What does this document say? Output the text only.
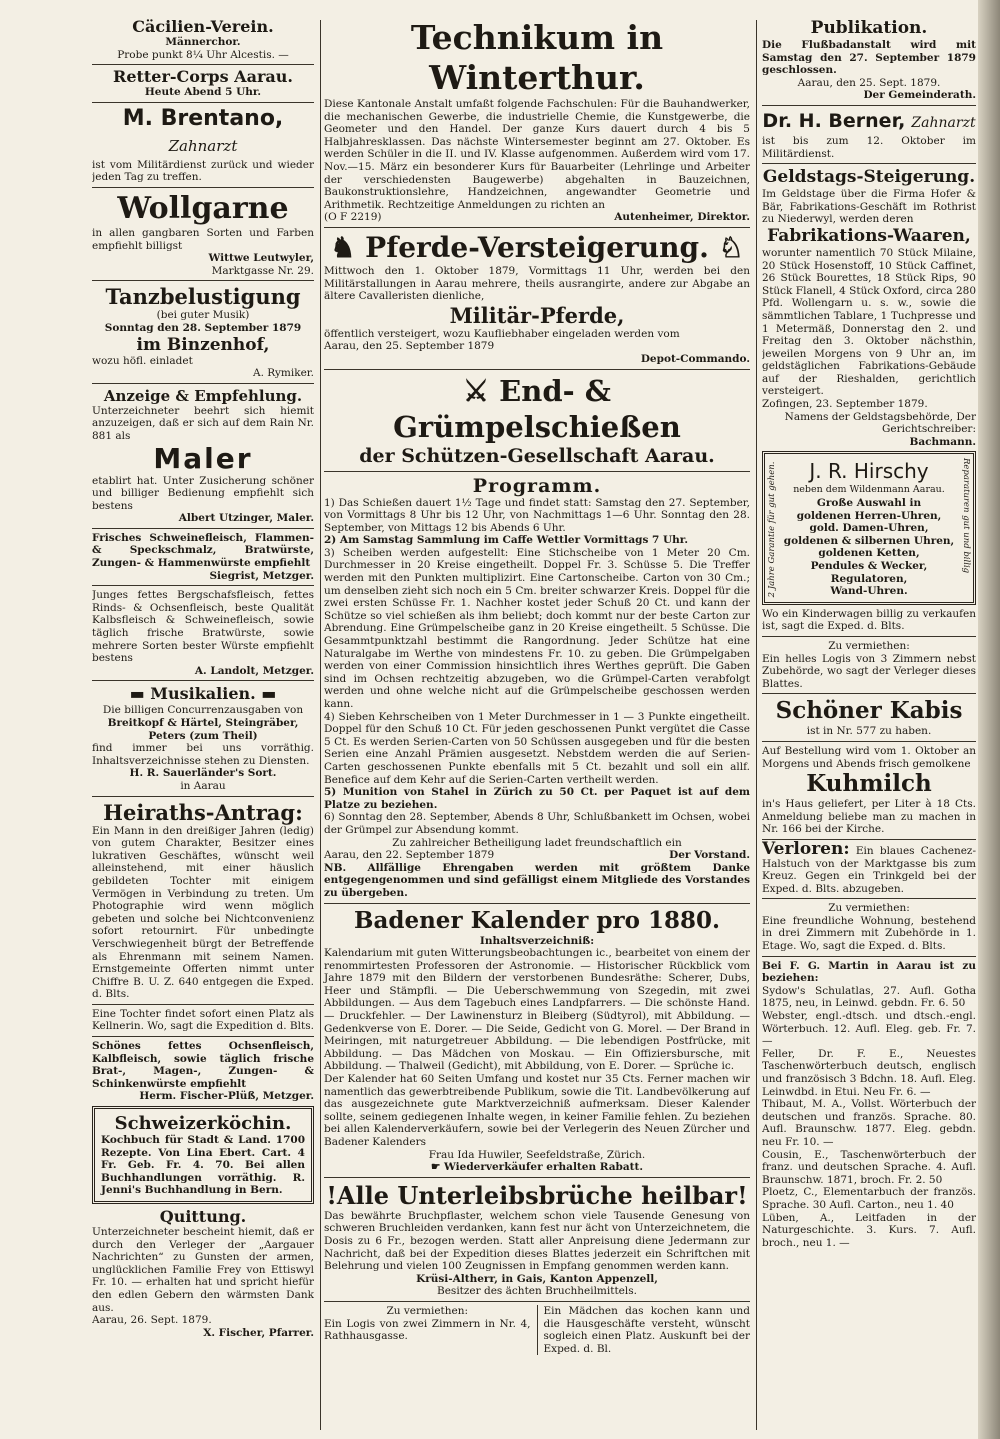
Cäcilien-Verein.

Männerchor.

Probe punkt 8¼ Uhr Alcestis. —

Retter-Corps Aarau.

Heute Abend 5 Uhr.

M. Brentano, Zahnarzt

ist vom Militärdienst zurück und wieder jeden Tag zu treffen.

Wollgarne

in allen gangbaren Sorten und Farben empfiehlt billigst

Wittwe Leutwyler,

Marktgasse Nr. 29.

Tanzbelustigung

(bei guter Musik)

Sonntag den 28. September 1879

im Binzenhof,

wozu höfl. einladet

A. Rymiker.

Anzeige & Empfehlung.

Unterzeichneter beehrt sich hiemit anzuzeigen, daß er sich auf dem Rain Nr. 881 als

Maler

etablirt hat. Unter Zusicherung schöner und billiger Bedienung empfiehlt sich bestens

Albert Utzinger, Maler.

Frisches Schweinefleisch, Flammen- & Speckschmalz, Bratwürste, Zungen- & Hammenwürste empfiehlt

Siegrist, Metzger.

Junges fettes Bergschafsfleisch, fettes Rinds- & Ochsenfleisch, beste Qualität Kalbsfleisch & Schweinefleisch, sowie täglich frische Bratwürste, sowie mehrere Sorten bester Würste empfiehlt bestens

A. Landolt, Metzger.

▬ Musikalien. ▬

Die billigen Concurrenzausgaben von

Breitkopf & Härtel, Steingräber, Peters (zum Theil)

find immer bei uns vorräthig. Inhaltsverzeichnisse stehen zu Diensten.

H. R. Sauerländer's Sort.

in Aarau

Heiraths-Antrag:

Ein Mann in den dreißiger Jahren (ledig) von gutem Charakter, Besitzer eines lukrativen Geschäftes, wünscht weil alleinstehend, mit einer häuslich gebildeten Tochter mit einigem Vermögen in Verbindung zu treten. Um Photographie wird wenn möglich gebeten und solche bei Nichtconvenienz sofort retournirt. Für unbedingte Verschwiegenheit bürgt der Betreffende als Ehrenmann mit seinem Namen. Ernstgemeinte Offerten nimmt unter Chiffre B. U. Z. 640 entgegen die Exped. d. Blts.

Eine Tochter findet sofort einen Platz als Kellnerin. Wo, sagt die Expedition d. Blts.

Schönes fettes Ochsenfleisch, Kalbfleisch, sowie täglich frische Brat-, Magen-, Zungen- & Schinkenwürste empfiehlt

Herm. Fischer-Plüß, Metzger.

Schweizerköchin.

Kochbuch für Stadt & Land. 1700 Rezepte. Von Lina Ebert. Cart. 4 Fr. Geb. Fr. 4. 70. Bei allen Buchhandlungen vorräthig. R. Jenni's Buchhandlung in Bern.

Quittung.

Unterzeichneter bescheint hiemit, daß er durch den Verleger der „Aargauer Nachrichten“ zu Gunsten der armen, unglücklichen Familie Frey von Ettiswyl Fr. 10. — erhalten hat und spricht hiefür den edlen Gebern den wärmsten Dank aus.

Aarau, 26. Sept. 1879.

X. Fischer, Pfarrer.

Technikum in Winterthur.

Diese Kantonale Anstalt umfaßt folgende Fachschulen: Für die Bauhandwerker, die mechanischen Gewerbe, die industrielle Chemie, die Kunstgewerbe, die Geometer und den Handel. Der ganze Kurs dauert durch 4 bis 5 Halbjahresklassen. Das nächste Wintersemester beginnt am 27. Oktober. Es werden Schüler in die II. und IV. Klasse aufgenommen. Außerdem wird vom 17. Nov.—15. März ein besonderer Kurs für Bauarbeiter (Lehrlinge und Arbeiter der verschiedensten Baugewerbe) abgehalten in Bauzeichnen, Baukonstruktionslehre, Handzeichnen, angewandter Geometrie und Arithmetik. Rechtzeitige Anmeldungen zu richten an

(O F 2219)	Autenheimer, Direktor.

♞ Pferde-Versteigerung. ♘

Mittwoch den 1. Oktober 1879, Vormittags 11 Uhr, werden bei den Militärstallungen in Aarau mehrere, theils ausrangirte, andere zur Abgabe an ältere Cavalleristen dienliche,

Militär-Pferde,

öffentlich versteigert, wozu Kaufliebhaber eingeladen werden vom

Aarau, den 25. September 1879

Depot-Commando.

⚔ End- & Grümpelschießen

der Schützen-Gesellschaft Aarau.

Programm.

1) Das Schießen dauert 1½ Tage und findet statt: Samstag den 27. September, von Vormittags 8 Uhr bis 12 Uhr, von Nachmittags 1—6 Uhr. Sonntag den 28. September, von Mittags 12 bis Abends 6 Uhr.

2) Am Samstag Sammlung im Caffe Wettler Vormittags 7 Uhr.

3) Scheiben werden aufgestellt: Eine Stichscheibe von 1 Meter 20 Cm. Durchmesser in 20 Kreise eingetheilt. Doppel Fr. 3. Schüsse 5. Die Treffer werden mit den Punkten multiplizirt. Eine Cartonscheibe. Carton von 30 Cm.; um denselben zieht sich noch ein 5 Cm. breiter schwarzer Kreis. Doppel für die zwei ersten Schüsse Fr. 1. Nachher kostet jeder Schuß 20 Ct. und kann der Schütze so viel schießen als ihm beliebt; doch kommt nur der beste Carton zur Abrendung. Eine Grümpelscheibe ganz in 20 Kreise eingetheilt. 5 Schüsse. Die Gesammtpunktzahl bestimmt die Rangordnung. Jeder Schütze hat eine Naturalgabe im Werthe von mindestens Fr. 10. zu geben. Die Grümpelgaben werden von einer Commission hinsichtlich ihres Werthes geprüft. Die Gaben sind im Ochsen rechtzeitig abzugeben, wo die Grümpel-Carten verabfolgt werden und ohne welche nicht auf die Grümpelscheibe geschossen werden kann.

4) Sieben Kehrscheiben von 1 Meter Durchmesser in 1 — 3 Punkte eingetheilt. Doppel für den Schuß 10 Ct. Für jeden geschossenen Punkt vergütet die Casse 5 Ct. Es werden Serien-Carten von 50 Schüssen ausgegeben und für die besten Serien eine Anzahl Prämien ausgesetzt. Nebstdem werden die auf Serien-Carten geschossenen Punkte ebenfalls mit 5 Ct. bezahlt und soll ein allf. Benefice auf dem Kehr auf die Serien-Carten vertheilt werden.

5) Munition von Stahel in Zürich zu 50 Ct. per Paquet ist auf dem Platze zu beziehen.

6) Sonntag den 28. September, Abends 8 Uhr, Schlußbankett im Ochsen, wobei der Grümpel zur Absendung kommt.

Zu zahlreicher Betheiligung ladet freundschaftlich ein

Aarau, den 22. September 1879	Der Vorstand.

NB. Allfällige Ehrengaben werden mit größtem Danke entgegengenommen und sind gefälligst einem Mitgliede des Vorstandes zu übergeben.

Badener Kalender pro 1880.

Inhaltsverzeichniß:

Kalendarium mit guten Witterungsbeobachtungen ic., bearbeitet von einem der renommirtesten Professoren der Astronomie. — Historischer Rückblick vom Jahre 1879 mit den Bildern der verstorbenen Bundesräthe: Scherer, Dubs, Heer und Stämpfli. — Die Ueberschwemmung von Szegedin, mit zwei Abbildungen. — Aus dem Tagebuch eines Landpfarrers. — Die schönste Hand. — Druckfehler. — Der Lawinensturz in Bleiberg (Südtyrol), mit Abbildung. — Gedenkverse von E. Dorer. — Die Seide, Gedicht von G. Morel. — Der Brand in Meiringen, mit naturgetreuer Abbildung. — Die lebendigen Postfrücke, mit Abbildung. — Das Mädchen von Moskau. — Ein Offiziersbursche, mit Abbildung. — Thalweil (Gedicht), mit Abbildung, von E. Dorer. — Sprüche ic.

Der Kalender hat 60 Seiten Umfang und kostet nur 35 Cts. Ferner machen wir namentlich das gewerbtreibende Publikum, sowie die Tit. Landbevölkerung auf das ausgezeichnete gute Marktverzeichniß aufmerksam. Dieser Kalender sollte, seinem gediegenen Inhalte wegen, in keiner Familie fehlen. Zu beziehen bei allen Kalenderverkäufern, sowie bei der Verlegerin des Neuen Zürcher und Badener Kalenders

Frau Ida Huwiler, Seefeldstraße, Zürich.

☛ Wiederverkäufer erhalten Rabatt.

!Alle Unterleibsbrüche heilbar!

Das bewährte Bruchpflaster, welchem schon viele Tausende Genesung von schweren Bruchleiden verdanken, kann fest nur ächt von Unterzeichnetem, die Dosis zu 6 Fr., bezogen werden. Statt aller Anpreisung diene Jedermann zur Nachricht, daß bei der Expedition dieses Blattes jederzeit ein Schriftchen mit Belehrung und vielen 100 Zeugnissen in Empfang genommen werden kann.

Krüsi-Altherr, in Gais, Kanton Appenzell,

Besitzer des ächten Bruchheilmittels.

Zu vermiethen:

Ein Logis von zwei Zimmern in Nr. 4, Rathhausgasse.

Ein Mädchen das kochen kann und die Hausgeschäfte versteht, wünscht sogleich einen Platz. Auskunft bei der Exped. d. Bl.

Publikation.

Die Flußbadanstalt wird mit Samstag den 27. September 1879 geschlossen.

Aarau, den 25. Sept. 1879.

Der Gemeinderath.

Dr. H. Berner, Zahnarzt

ist bis zum 12. Oktober im Militärdienst.

Geldstags-Steigerung.

Im Geldstage über die Firma Hofer & Bär, Fabrikations-Geschäft im Rothrist zu Niederwyl, werden deren

Fabrikations-Waaren,

worunter namentlich 70 Stück Milaine, 20 Stück Hosenstoff, 10 Stück Caffinet, 26 Stück Bourettes, 18 Stück Rips, 90 Stück Flanell, 4 Stück Oxford, circa 280 Pfd. Wollengarn u. s. w., sowie die sämmtlichen Tablare, 1 Tuchpresse und 1 Metermäß, Donnerstag den 2. und Freitag den 3. Oktober nächsthin, jeweilen Morgens von 9 Uhr an, im geldstäglichen Fabrikations-Gebäude auf der Rieshalden, gerichtlich versteigert.

Zofingen, 23. September 1879.

Namens der Geldstagsbehörde, Der Gerichtschreiber:

Bachmann.

2 Jahre Garantie für gut gehen.	J. R. Hirschy

neben dem Wildenmann Aarau.

Große Auswahl in

goldenen Herren-Uhren,

gold. Damen-Uhren,

goldenen & silbernen Uhren,

goldenen Ketten,

Pendules & Wecker,

Regulatoren,

Wand-Uhren.

Reparaturen gut und billig

Wo ein Kinderwagen billig zu verkaufen ist, sagt die Exped. d. Blts.

Zu vermiethen:

Ein helles Logis von 3 Zimmern nebst Zubehörde, wo sagt der Verleger dieses Blattes.

Schöner Kabis

ist in Nr. 577 zu haben.

Auf Bestellung wird vom 1. Oktober an Morgens und Abends frisch gemolkene

Kuhmilch

in's Haus geliefert, per Liter à 18 Cts. Anmeldung beliebe man zu machen in Nr. 166 bei der Kirche.

Verloren: Ein blaues Cachenez-Halstuch von der Marktgasse bis zum Kreuz. Gegen ein Trinkgeld bei der Exped. d. Blts. abzugeben.

Zu vermiethen:

Eine freundliche Wohnung, bestehend in drei Zimmern mit Zubehörde in 1. Etage. Wo, sagt die Exped. d. Blts.

Bei F. G. Martin in Aarau ist zu beziehen:

Sydow's Schulatlas, 27. Aufl. Gotha 1875, neu, in Leinwd. gebdn. Fr. 6. 50

Webster, engl.-dtsch. und dtsch.-engl. Wörterbuch. 12. Aufl. Eleg. geb. Fr. 7. —

Feller, Dr. F. E., Neuestes Taschenwörterbuch deutsch, englisch und französisch 3 Bdchn. 18. Aufl. Eleg. Leinwdbd. in Etui. Neu Fr. 6. —

Thibaut, M. A., Vollst. Wörterbuch der deutschen und französ. Sprache. 80. Aufl. Braunschw. 1877. Eleg. gebdn. neu Fr. 10. —

Cousin, E., Taschenwörterbuch der franz. und deutschen Sprache. 4. Aufl. Braunschw. 1871, broch. Fr. 2. 50

Ploetz, C., Elementarbuch der französ. Sprache. 30 Aufl. Carton., neu 1. 40

Lüben, A., Leitfaden in der Naturgeschichte. 3. Kurs. 7. Aufl. broch., neu 1. —
